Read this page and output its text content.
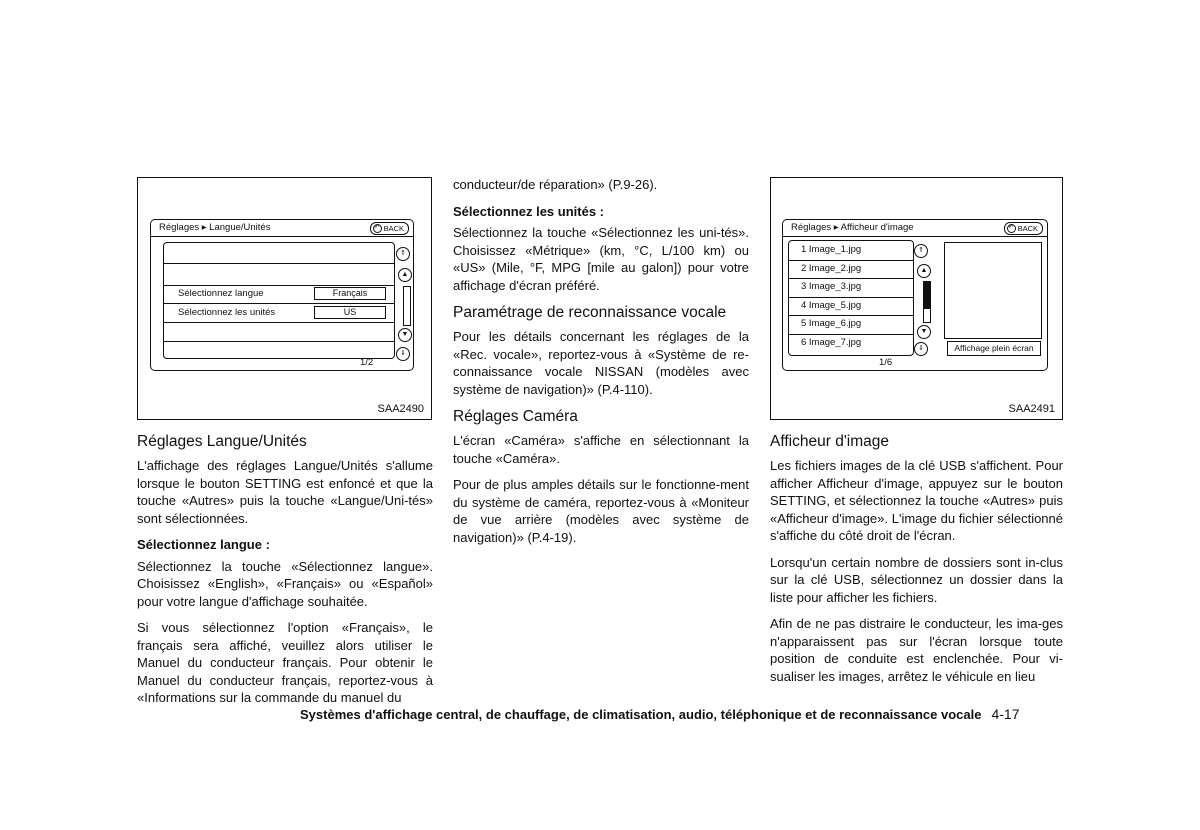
Réglages ▸ Langue/Unités	↶ BACK
Sélectionnez langue	Français
Sélectionnez les unités	US
⇑
▲
▼
⇓
1/2
SAA2490
Réglages ▸ Afficheur d'image	↶ BACK
1 Image_1.jpg
2 Image_2.jpg
3 Image_3.jpg
4 Image_5.jpg
5 Image_6.jpg
6 Image_7.jpg
⇑
▲
▼
⇓	Affichage plein écran
1/6
SAA2491
Réglages Langue/Unités

L'affichage des réglages Langue/Unités s'allume lorsque le bouton SETTING est enfoncé et que la touche «Autres» puis la touche «Langue/Uni-tés» sont sélectionnées.

Sélectionnez langue :

Sélectionnez la touche «Sélectionnez langue». Choisissez «English», «Français» ou «Español» pour votre langue d'affichage souhaitée.

Si vous sélectionnez l'option «Français», le français sera affiché, veuillez alors utiliser le Manuel du conducteur français. Pour obtenir le Manuel du conducteur français, reportez-vous à «Informations sur la commande du manuel du

conducteur/de réparation» (P.9-26).

Sélectionnez les unités :

Sélectionnez la touche «Sélectionnez les uni-tés». Choisissez «Métrique» (km, °C, L/100 km) ou «US» (Mile, °F, MPG [mile au galon]) pour votre affichage d'écran préféré.

Paramétrage de reconnaissance vocale

Pour les détails concernant les réglages de la «Rec. vocale», reportez-vous à «Système de re-connaissance vocale NISSAN (modèles avec système de navigation)» (P.4-110).

Réglages Caméra

L'écran «Caméra» s'affiche en sélectionnant la touche «Caméra».

Pour de plus amples détails sur le fonctionne-ment du système de caméra, reportez-vous à «Moniteur de vue arrière (modèles avec système de navigation)» (P.4-19).

Afficheur d'image

Les fichiers images de la clé USB s'affichent. Pour afficher Afficheur d'image, appuyez sur le bouton SETTING, et sélectionnez la touche «Autres» puis «Afficheur d'image». L'image du fichier sélectionné s'affiche du côté droit de l'écran.

Lorsqu'un certain nombre de dossiers sont in-clus sur la clé USB, sélectionnez un dossier dans la liste pour afficher les fichiers.

Afin de ne pas distraire le conducteur, les ima-ges n'apparaissent pas sur l'écran lorsque toute position de conduite est enclenchée. Pour vi-sualiser les images, arrêtez le véhicule en lieu

Systèmes d'affichage central, de chauffage, de climatisation, audio, téléphonique et de reconnaissance vocale 4-17
